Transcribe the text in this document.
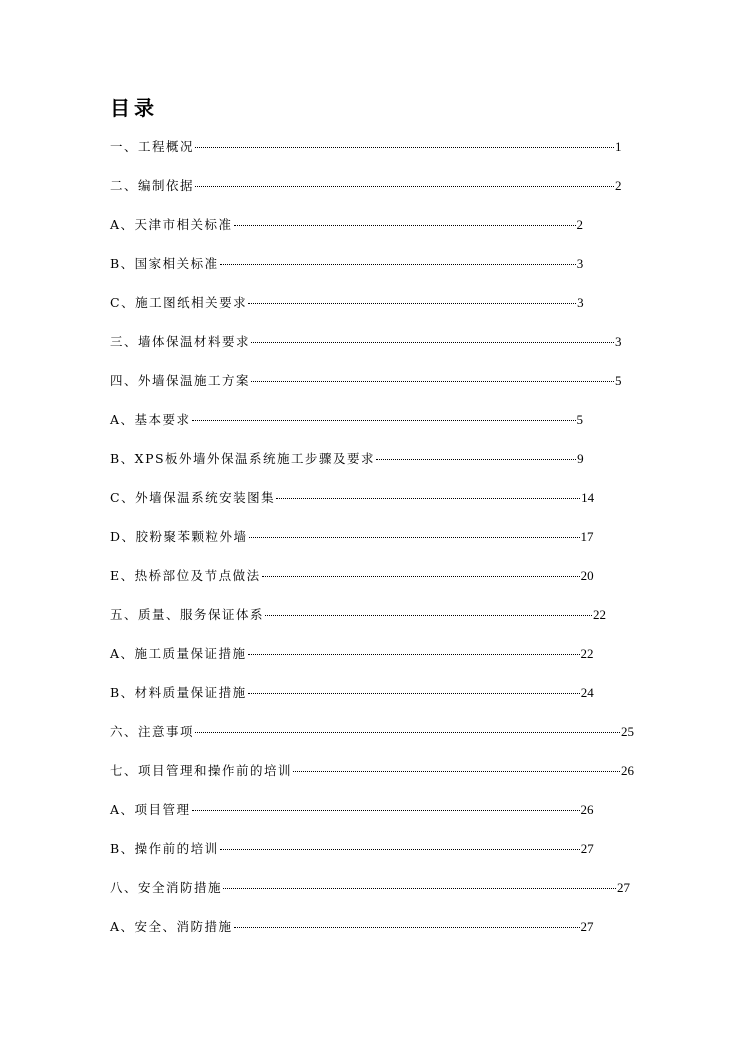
目录
一、工程概况	1
二、编制依据	2
A、天津市相关标准	2
B、国家相关标准	3
C、施工图纸相关要求	3
三、墙体保温材料要求	3
四、外墙保温施工方案	5
A、基本要求	5
B、XPS板外墙外保温系统施工步骤及要求	9
C、外墙保温系统安装图集	14
D、胶粉聚苯颗粒外墙	17
E、热桥部位及节点做法	20
五、质量、服务保证体系	22
A、施工质量保证措施	22
B、材料质量保证措施	24
六、注意事项	25
七、项目管理和操作前的培训	26
A、项目管理	26
B、操作前的培训	27
八、安全消防措施	27
A、安全、消防措施	27
